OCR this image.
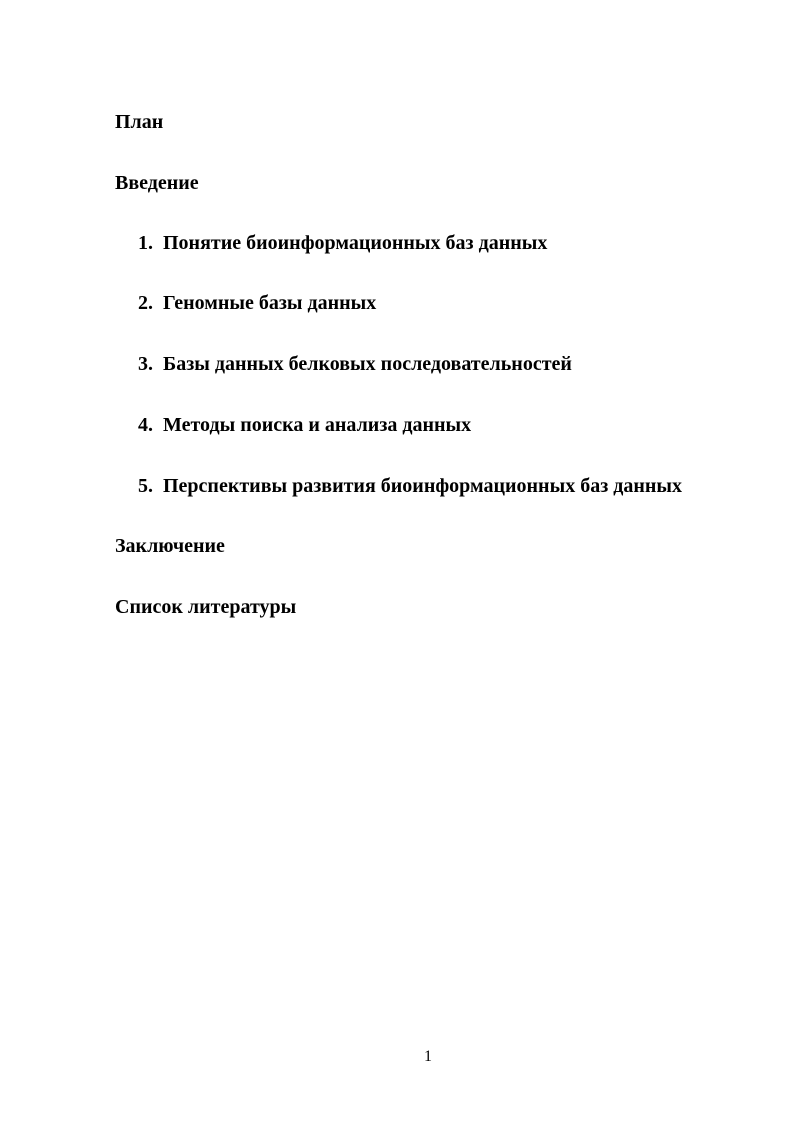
План
Введение
1. Понятие биоинформационных баз данных
2. Геномные базы данных
3. Базы данных белковых последовательностей
4. Методы поиска и анализа данных
5. Перспективы развития биоинформационных баз данных
Заключение
Список литературы
1
